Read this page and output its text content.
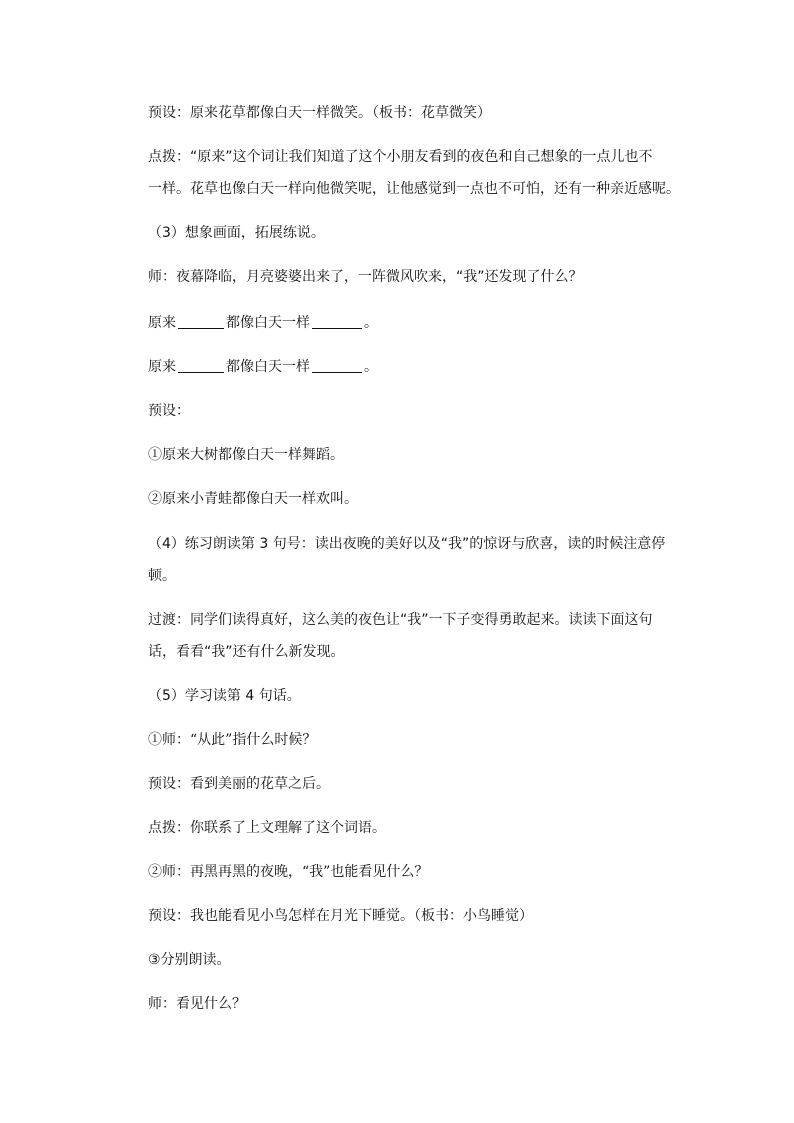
预设：原来花草都像白天一样微笑。（板书：花草微笑）
点拨：“原来”这个词让我们知道了这个小朋友看到的夜色和自己想象的一点儿也不
一样。花草也像白天一样向他微笑呢，让他感觉到一点也不可怕，还有一种亲近感呢。
（3）想象画面，拓展练说。
师：夜幕降临，月亮婆婆出来了，一阵微风吹来，“我”还发现了什么？
原来	都像白天一样	。
原来	都像白天一样	。
预设：
①原来大树都像白天一样舞蹈。
②原来小青蛙都像白天一样欢叫。
（4）练习朗读第 3 句号：读出夜晚的美好以及“我”的惊讶与欣喜，读的时候注意停
顿。
过渡：同学们读得真好，这么美的夜色让“我”一下子变得勇敢起来。读读下面这句
话，看看“我”还有什么新发现。
（5）学习读第 4 句话。
①师：“从此”指什么时候？
预设：看到美丽的花草之后。
点拨：你联系了上文理解了这个词语。
②师：再黑再黑的夜晚，“我”也能看见什么？
预设：我也能看见小鸟怎样在月光下睡觉。（板书：小鸟睡觉）
③分别朗读。
师：看见什么？
